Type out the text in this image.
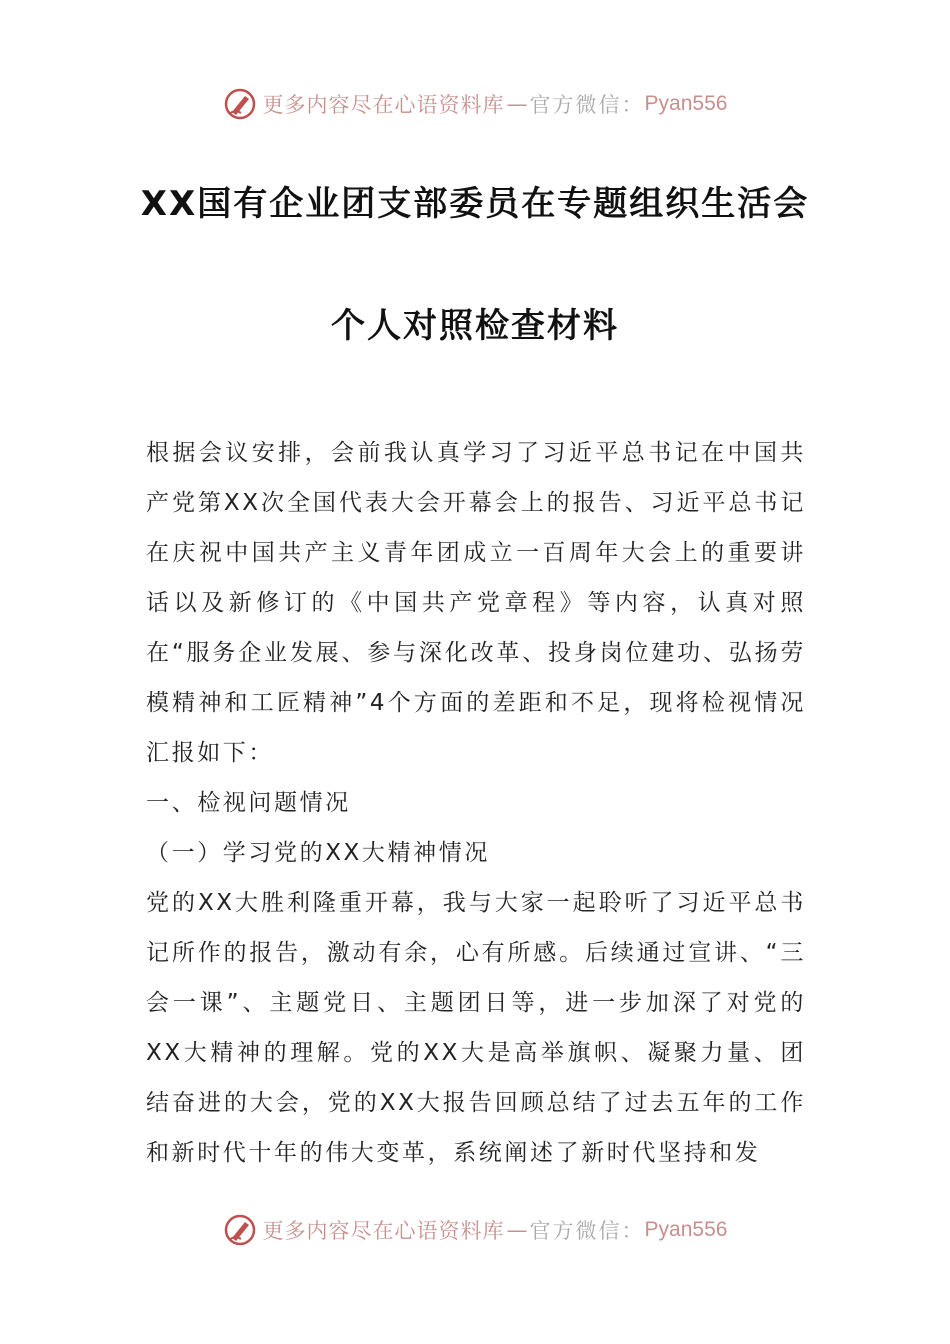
更多内容尽在心语资料库 — 官方微信： Pyan556
XX国有企业团支部委员在专题组织生活会
个人对照检查材料

根据会议安排，会前我认真学习了习近平总书记在中国共产党第XX次全国代表大会开幕会上的报告、习近平总书记在庆祝中国共产主义青年团成立一百周年大会上的重要讲话以及新修订的《中国共产党章程》等内容，认真对照在“服务企业发展、参与深化改革、投身岗位建功、弘扬劳模精神和工匠精神”4个方面的差距和不足，现将检视情况汇报如下：

一、检视问题情况

（一）学习党的XX大精神情况

党的XX大胜利隆重开幕，我与大家一起聆听了习近平总书记所作的报告，激动有余，心有所感。后续通过宣讲、“三会一课”、主题党日、主题团日等，进一步加深了对党的XX大精神的理解。党的XX大是高举旗帜、凝聚力量、团结奋进的大会，党的XX大报告回顾总结了过去五年的工作和新时代十年的伟大变革，系统阐述了新时代坚持和发

更多内容尽在心语资料库 — 官方微信： Pyan556
